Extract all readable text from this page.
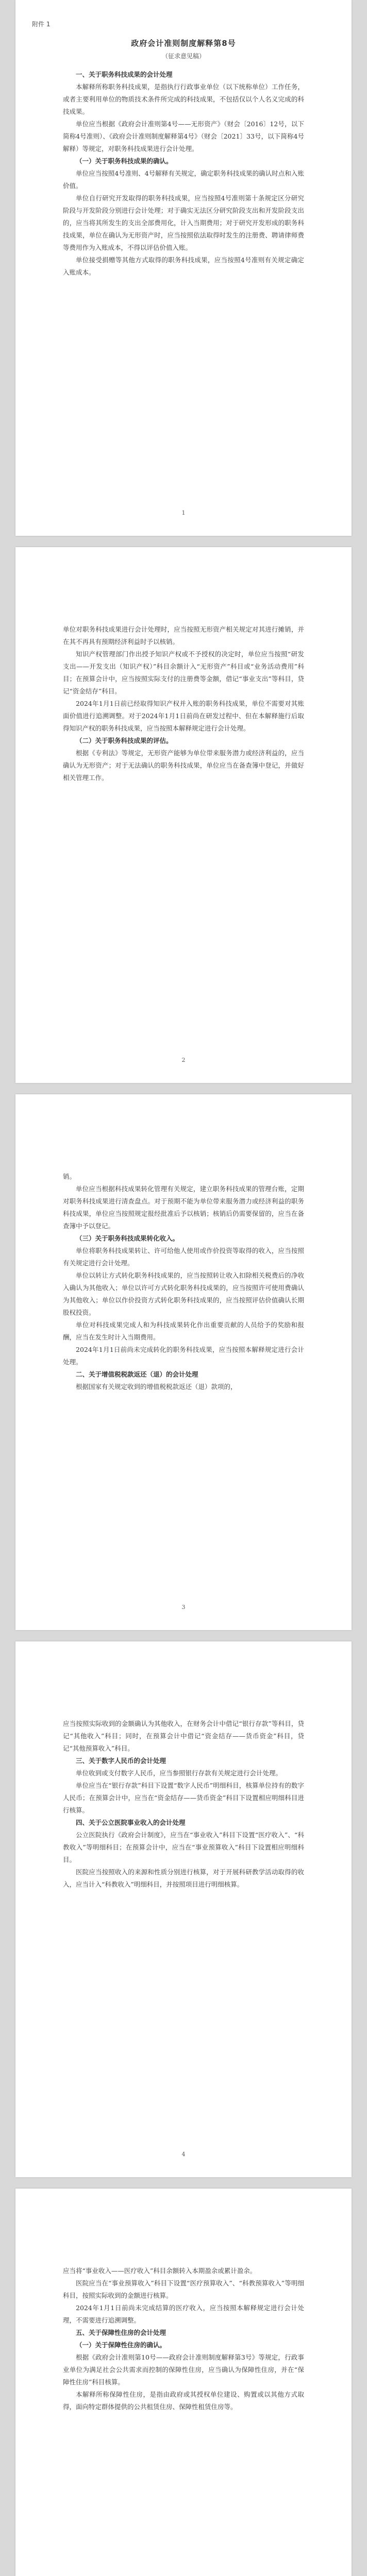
附件 1

政府会计准则制度解释第8号

（征求意见稿）

一、关于职务科技成果的会计处理

本解释所称职务科技成果，是指执行行政事业单位（以下统称单位）工作任务，或者主要利用单位的物质技术条件所完成的科技成果，不包括仅以个人名义完成的科技成果。

单位应当根据《政府会计准则第4号——无形资产》（财会〔2016〕12号，以下简称4号准则）、《政府会计准则制度解释第4号》（财会〔2021〕33号，以下简称4号解释）等规定，对职务科技成果进行会计处理。

（一）关于职务科技成果的确认。

单位应当按照4号准则、4号解释有关规定，确定职务科技成果的确认时点和入账价值。

单位自行研究开发取得的职务科技成果，应当按照4号准则第十条规定区分研究阶段与开发阶段分别进行会计处理；对于确实无法区分研究阶段支出和开发阶段支出的，应当将其所发生的支出全部费用化，计入当期费用；对于研究开发形成的职务科技成果，单位在确认为无形资产时，应当按照依法取得时发生的注册费、聘请律师费等费用作为入账成本，不得以评估价值入账。

单位接受捐赠等其他方式取得的职务科技成果，应当按照4号准则有关规定确定入账成本。

1

单位对职务科技成果进行会计处理时，应当按照无形资产相关规定对其进行摊销，并在其不再具有预期经济利益时予以核销。

知识产权管理部门作出授予知识产权或不予授权的决定时，单位应当按照“研发支出——开发支出（知识产权）”科目余额计入“无形资产”科目或“业务活动费用”科目；在预算会计中，应当按照实际支付的注册费等金额，借记“事业支出”等科目，贷记“资金结存”科目。

2024年1月1日前已经取得知识产权并入账的职务科技成果，单位不需要对其账面价值进行追溯调整。对于2024年1月1日前尚在研发过程中、但在本解释施行后取得知识产权的职务科技成果，应当按照本解释规定进行会计处理。

（二）关于职务科技成果的评估。

根据《专利法》等规定，无形资产能够为单位带来服务潜力或经济利益的，应当确认为无形资产；对于无法确认的职务科技成果，单位应当在备查簿中登记，并做好相关管理工作。

2

销。

单位应当根据科技成果转化管理有关规定，建立职务科技成果的管理台账，定期对职务科技成果进行清查盘点。对于预期不能为单位带来服务潜力或经济利益的职务科技成果，单位应当按照规定报经批准后予以核销；核销后仍需要保留的，应当在备查簿中予以登记。

（三）关于职务科技成果转化收入。

单位将职务科技成果转让、许可给他人使用或作价投资等取得的收入，应当按照有关规定进行会计处理。

单位以转让方式转化职务科技成果的，应当按照转让收入扣除相关税费后的净收入确认为其他收入；单位以许可方式转化职务科技成果的，应当按照许可使用费确认为其他收入；单位以作价投资方式转化职务科技成果的，应当按照评估价值确认长期股权投资。

单位对科技成果完成人和为科技成果转化作出重要贡献的人员给予的奖励和报酬，应当在发生时计入当期费用。

2024年1月1日前尚未完成转化的职务科技成果，应当按照本解释规定进行会计处理。

二、关于增值税税款返还（退）的会计处理

根据国家有关规定收到的增值税税款返还（退）款项的，

3

应当按照实际收到的金额确认为其他收入，在财务会计中借记“银行存款”等科目，贷记“其他收入”科目；同时，在预算会计中借记“资金结存——货币资金”科目，贷记“其他预算收入”科目。

三、关于数字人民币的会计处理

单位收到或支付数字人民币，应当参照银行存款有关规定进行会计处理。

单位应当在“银行存款”科目下设置“数字人民币”明细科目，核算单位持有的数字人民币；在预算会计中，应当在“资金结存——货币资金”科目下设置相应明细科目进行核算。

四、关于公立医院事业收入的会计处理

公立医院执行《政府会计制度》，应当在“事业收入”科目下设置“医疗收入”、“科教收入”等明细科目；在预算会计中，应当在“事业预算收入”科目下设置相应明细科目。

医院应当按照收入的来源和性质分别进行核算，对于开展科研教学活动取得的收入，应当计入“科教收入”明细科目，并按照项目进行明细核算。

4

应当将“事业收入——医疗收入”科目余额转入本期盈余或累计盈余。

医院应当在“事业预算收入”科目下设置“医疗预算收入”、“科教预算收入”等明细科目，按照实际收到的金额进行核算。

2024年1月1日前尚未完成结算的医疗收入，应当按照本解释规定进行会计处理，不需要进行追溯调整。

五、关于保障性住房的会计处理

（一）关于保障性住房的确认。

根据《政府会计准则第10号——政府会计准则制度解释第3号》等规定，行政事业单位为满足社会公共需求而控制的保障性住房，应当确认为保障性住房，并在“保障性住房”科目核算。

本解释所称保障性住房，是指由政府或其授权单位建设、购置或以其他方式取得，面向特定群体提供的公共租赁住房、保障性租赁住房等。
